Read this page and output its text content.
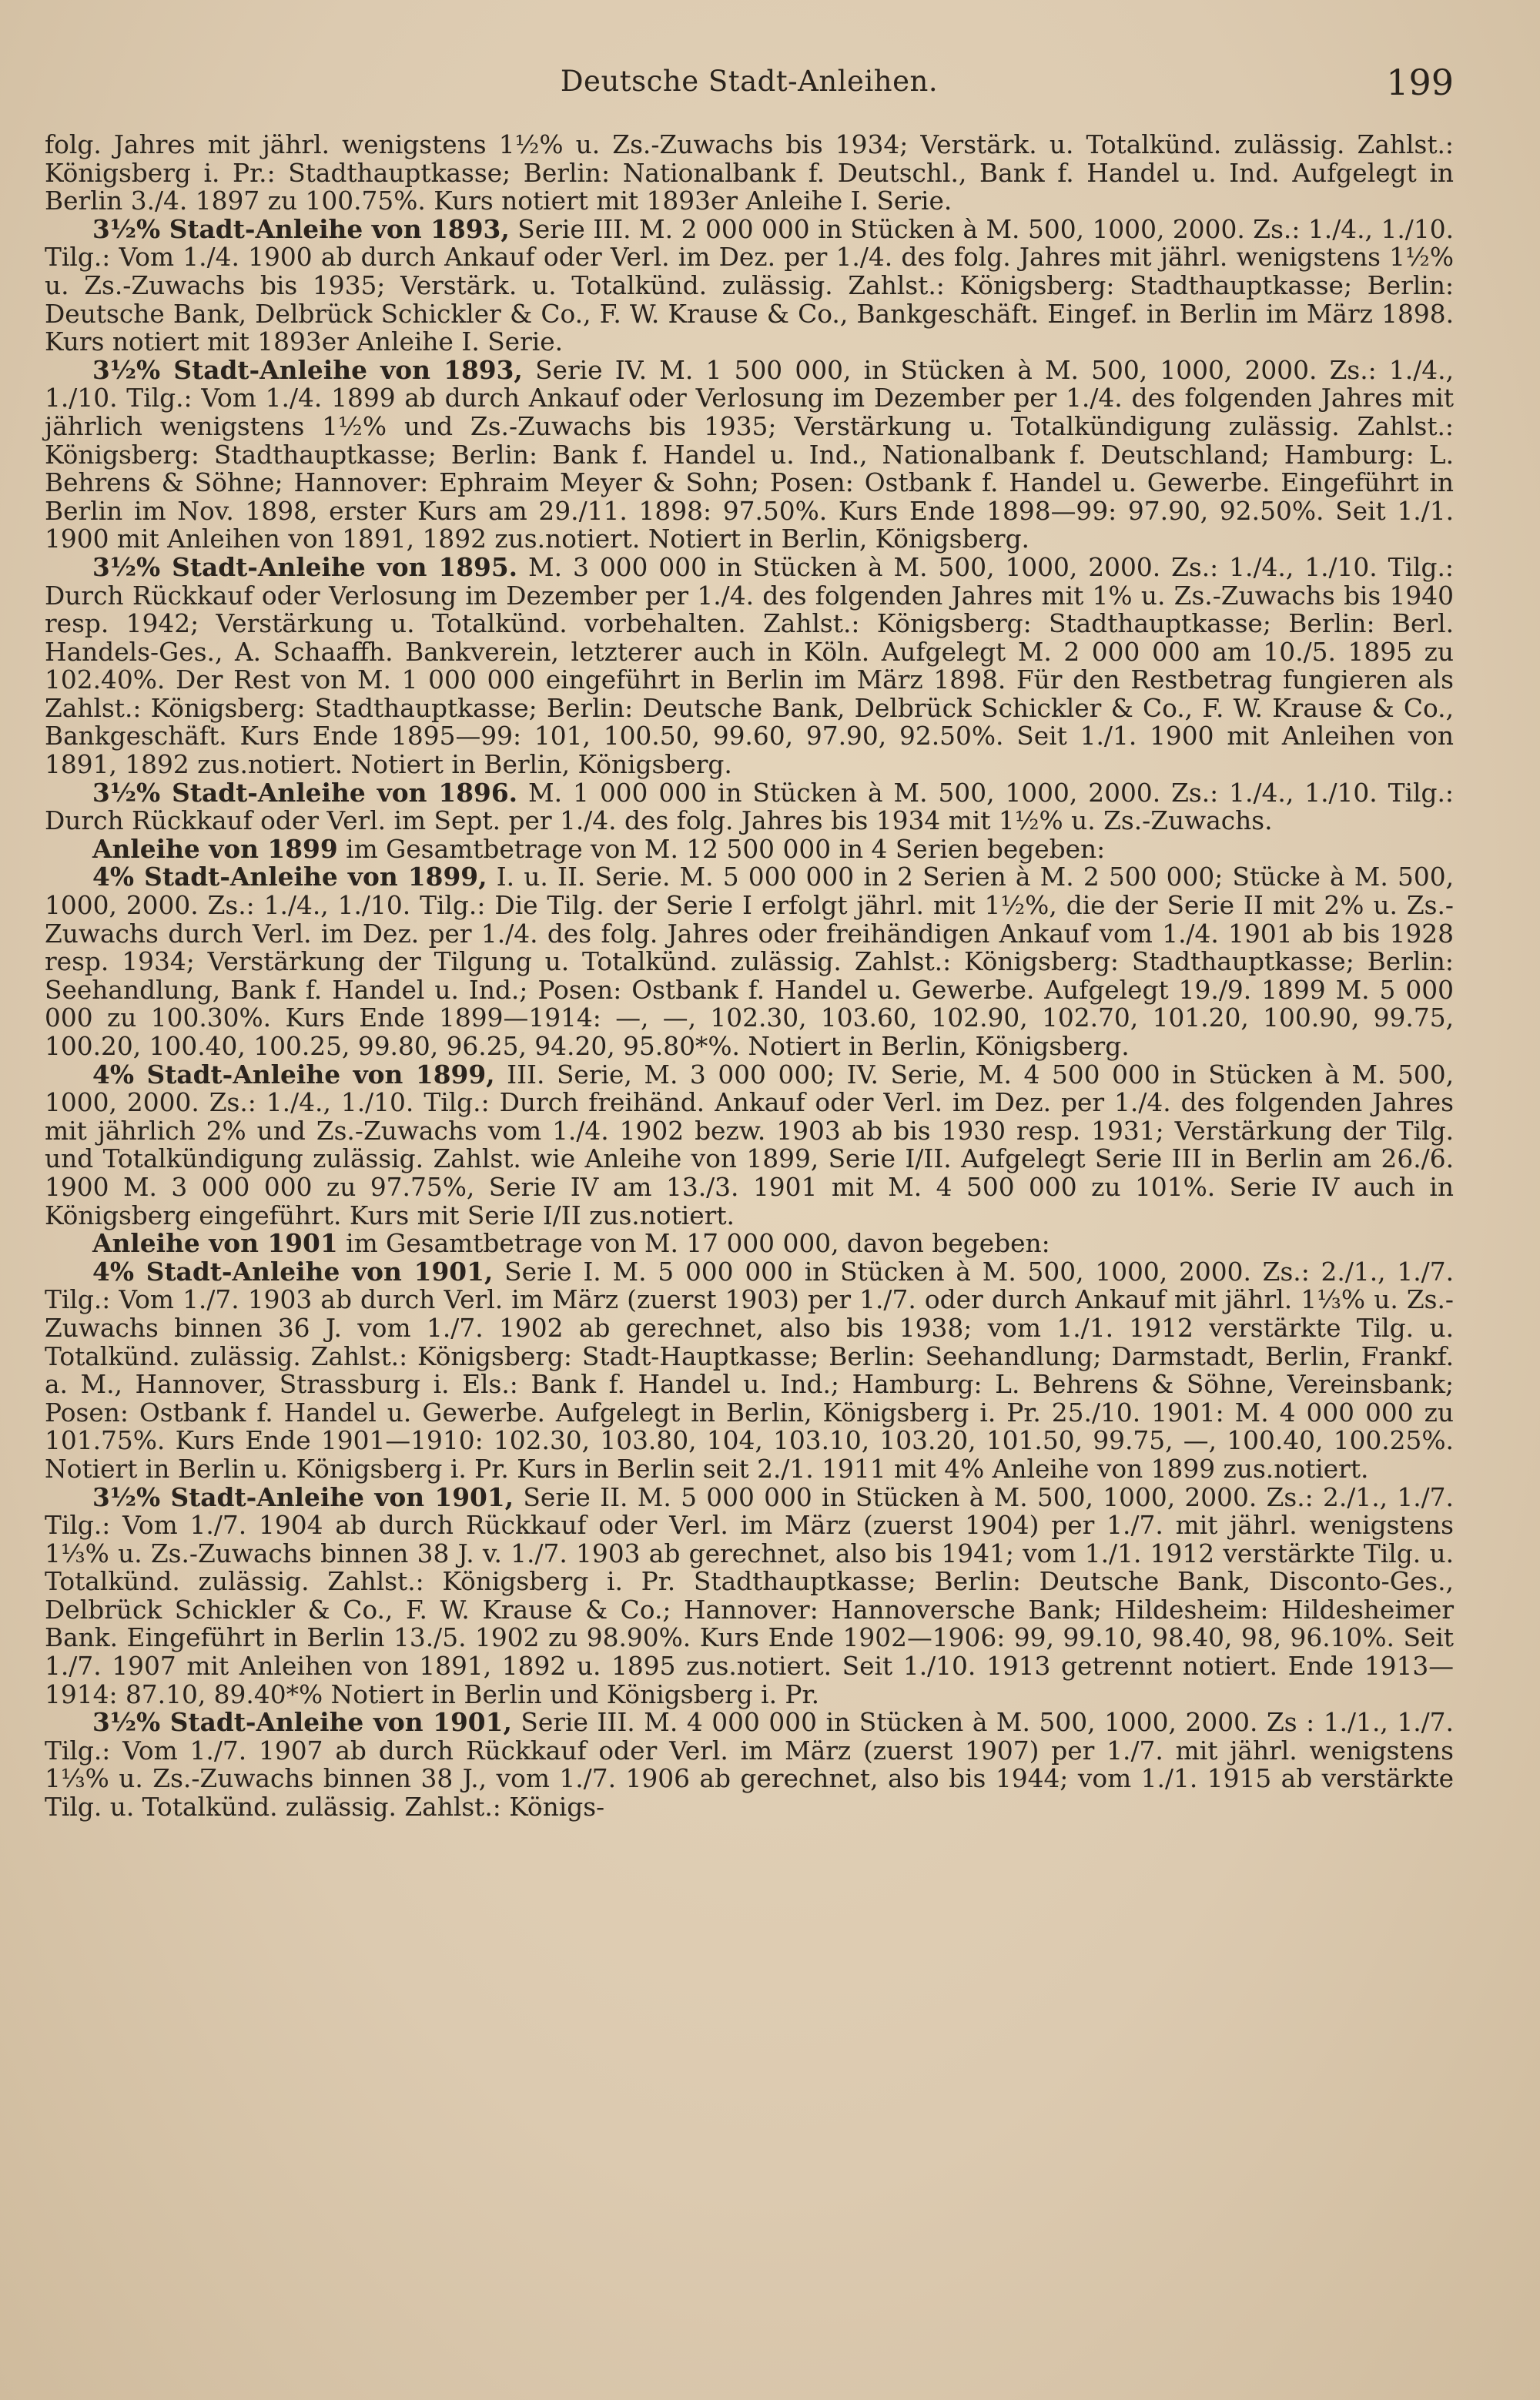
Deutsche Stadt-Anleihen.	199

folg. Jahres mit jährl. wenigstens 1½% u. Zs.-Zuwachs bis 1934; Verstärk. u. Totalkünd. zulässig. Zahlst.: Königsberg i. Pr.: Stadthauptkasse; Berlin: Nationalbank f. Deutschl., Bank f. Handel u. Ind. Aufgelegt in Berlin 3./4. 1897 zu 100.75%. Kurs notiert mit 1893er Anleihe I. Serie.

3½% Stadt-Anleihe von 1893, Serie III. M. 2 000 000 in Stücken à M. 500, 1000, 2000. Zs.: 1./4., 1./10. Tilg.: Vom 1./4. 1900 ab durch Ankauf oder Verl. im Dez. per 1./4. des folg. Jahres mit jährl. wenigstens 1½% u. Zs.-Zuwachs bis 1935; Verstärk. u. Totalkünd. zulässig. Zahlst.: Königsberg: Stadthauptkasse; Berlin: Deutsche Bank, Delbrück Schickler & Co., F. W. Krause & Co., Bankgeschäft. Eingef. in Berlin im März 1898. Kurs notiert mit 1893er Anleihe I. Serie.

3½% Stadt-Anleihe von 1893, Serie IV. M. 1 500 000, in Stücken à M. 500, 1000, 2000. Zs.: 1./4., 1./10. Tilg.: Vom 1./4. 1899 ab durch Ankauf oder Verlosung im Dezember per 1./4. des folgenden Jahres mit jährlich wenigstens 1½% und Zs.-Zuwachs bis 1935; Verstärkung u. Totalkündigung zulässig. Zahlst.: Königsberg: Stadthauptkasse; Berlin: Bank f. Handel u. Ind., Nationalbank f. Deutschland; Hamburg: L. Behrens & Söhne; Hannover: Ephraim Meyer & Sohn; Posen: Ostbank f. Handel u. Gewerbe. Eingeführt in Berlin im Nov. 1898, erster Kurs am 29./11. 1898: 97.50%. Kurs Ende 1898—99: 97.90, 92.50%. Seit 1./1. 1900 mit Anleihen von 1891, 1892 zus.notiert. Notiert in Berlin, Königsberg.

3½% Stadt-Anleihe von 1895. M. 3 000 000 in Stücken à M. 500, 1000, 2000. Zs.: 1./4., 1./10. Tilg.: Durch Rückkauf oder Verlosung im Dezember per 1./4. des folgenden Jahres mit 1% u. Zs.-Zuwachs bis 1940 resp. 1942; Verstärkung u. Totalkünd. vorbehalten. Zahlst.: Königsberg: Stadthauptkasse; Berlin: Berl. Handels-Ges., A. Schaaffh. Bankverein, letzterer auch in Köln. Aufgelegt M. 2 000 000 am 10./5. 1895 zu 102.40%. Der Rest von M. 1 000 000 eingeführt in Berlin im März 1898. Für den Restbetrag fungieren als Zahlst.: Königsberg: Stadthauptkasse; Berlin: Deutsche Bank, Delbrück Schickler & Co., F. W. Krause & Co., Bankgeschäft. Kurs Ende 1895—99: 101, 100.50, 99.60, 97.90, 92.50%. Seit 1./1. 1900 mit Anleihen von 1891, 1892 zus.notiert. Notiert in Berlin, Königsberg.

3½% Stadt-Anleihe von 1896. M. 1 000 000 in Stücken à M. 500, 1000, 2000. Zs.: 1./4., 1./10. Tilg.: Durch Rückkauf oder Verl. im Sept. per 1./4. des folg. Jahres bis 1934 mit 1½% u. Zs.-Zuwachs.

Anleihe von 1899 im Gesamtbetrage von M. 12 500 000 in 4 Serien begeben:

4% Stadt-Anleihe von 1899, I. u. II. Serie. M. 5 000 000 in 2 Serien à M. 2 500 000; Stücke à M. 500, 1000, 2000. Zs.: 1./4., 1./10. Tilg.: Die Tilg. der Serie I erfolgt jährl. mit 1½%, die der Serie II mit 2% u. Zs.-Zuwachs durch Verl. im Dez. per 1./4. des folg. Jahres oder freihändigen Ankauf vom 1./4. 1901 ab bis 1928 resp. 1934; Verstärkung der Tilgung u. Totalkünd. zulässig. Zahlst.: Königsberg: Stadthauptkasse; Berlin: Seehandlung, Bank f. Handel u. Ind.; Posen: Ostbank f. Handel u. Gewerbe. Aufgelegt 19./9. 1899 M. 5 000 000 zu 100.30%. Kurs Ende 1899—1914: —, —, 102.30, 103.60, 102.90, 102.70, 101.20, 100.90, 99.75, 100.20, 100.40, 100.25, 99.80, 96.25, 94.20, 95.80*%. Notiert in Berlin, Königsberg.

4% Stadt-Anleihe von 1899, III. Serie, M. 3 000 000; IV. Serie, M. 4 500 000 in Stücken à M. 500, 1000, 2000. Zs.: 1./4., 1./10. Tilg.: Durch freihänd. Ankauf oder Verl. im Dez. per 1./4. des folgenden Jahres mit jährlich 2% und Zs.-Zuwachs vom 1./4. 1902 bezw. 1903 ab bis 1930 resp. 1931; Verstärkung der Tilg. und Totalkündigung zulässig. Zahlst. wie Anleihe von 1899, Serie I/II. Aufgelegt Serie III in Berlin am 26./6. 1900 M. 3 000 000 zu 97.75%, Serie IV am 13./3. 1901 mit M. 4 500 000 zu 101%. Serie IV auch in Königsberg eingeführt. Kurs mit Serie I/II zus.notiert.

Anleihe von 1901 im Gesamtbetrage von M. 17 000 000, davon begeben:

4% Stadt-Anleihe von 1901, Serie I. M. 5 000 000 in Stücken à M. 500, 1000, 2000. Zs.: 2./1., 1./7. Tilg.: Vom 1./7. 1903 ab durch Verl. im März (zuerst 1903) per 1./7. oder durch Ankauf mit jährl. 1⅓% u. Zs.-Zuwachs binnen 36 J. vom 1./7. 1902 ab gerechnet, also bis 1938; vom 1./1. 1912 verstärkte Tilg. u. Totalkünd. zulässig. Zahlst.: Königsberg: Stadt-Hauptkasse; Berlin: Seehandlung; Darmstadt, Berlin, Frankf. a. M., Hannover, Strassburg i. Els.: Bank f. Handel u. Ind.; Hamburg: L. Behrens & Söhne, Vereinsbank; Posen: Ostbank f. Handel u. Gewerbe. Aufgelegt in Berlin, Königsberg i. Pr. 25./10. 1901: M. 4 000 000 zu 101.75%. Kurs Ende 1901—1910: 102.30, 103.80, 104, 103.10, 103.20, 101.50, 99.75, —, 100.40, 100.25%. Notiert in Berlin u. Königsberg i. Pr. Kurs in Berlin seit 2./1. 1911 mit 4% Anleihe von 1899 zus.notiert.

3½% Stadt-Anleihe von 1901, Serie II. M. 5 000 000 in Stücken à M. 500, 1000, 2000. Zs.: 2./1., 1./7. Tilg.: Vom 1./7. 1904 ab durch Rückkauf oder Verl. im März (zuerst 1904) per 1./7. mit jährl. wenigstens 1⅓% u. Zs.-Zuwachs binnen 38 J. v. 1./7. 1903 ab gerechnet, also bis 1941; vom 1./1. 1912 verstärkte Tilg. u. Totalkünd. zulässig. Zahlst.: Königsberg i. Pr. Stadthauptkasse; Berlin: Deutsche Bank, Disconto-Ges., Delbrück Schickler & Co., F. W. Krause & Co.; Hannover: Hannoversche Bank; Hildesheim: Hildesheimer Bank. Eingeführt in Berlin 13./5. 1902 zu 98.90%. Kurs Ende 1902—1906: 99, 99.10, 98.40, 98, 96.10%. Seit 1./7. 1907 mit Anleihen von 1891, 1892 u. 1895 zus.notiert. Seit 1./10. 1913 getrennt notiert. Ende 1913—1914: 87.10, 89.40*% Notiert in Berlin und Königsberg i. Pr.

3½% Stadt-Anleihe von 1901, Serie III. M. 4 000 000 in Stücken à M. 500, 1000, 2000. Zs : 1./1., 1./7. Tilg.: Vom 1./7. 1907 ab durch Rückkauf oder Verl. im März (zuerst 1907) per 1./7. mit jährl. wenigstens 1⅓% u. Zs.-Zuwachs binnen 38 J., vom 1./7. 1906 ab gerechnet, also bis 1944; vom 1./1. 1915 ab verstärkte Tilg. u. Totalkünd. zulässig. Zahlst.: Königs-
